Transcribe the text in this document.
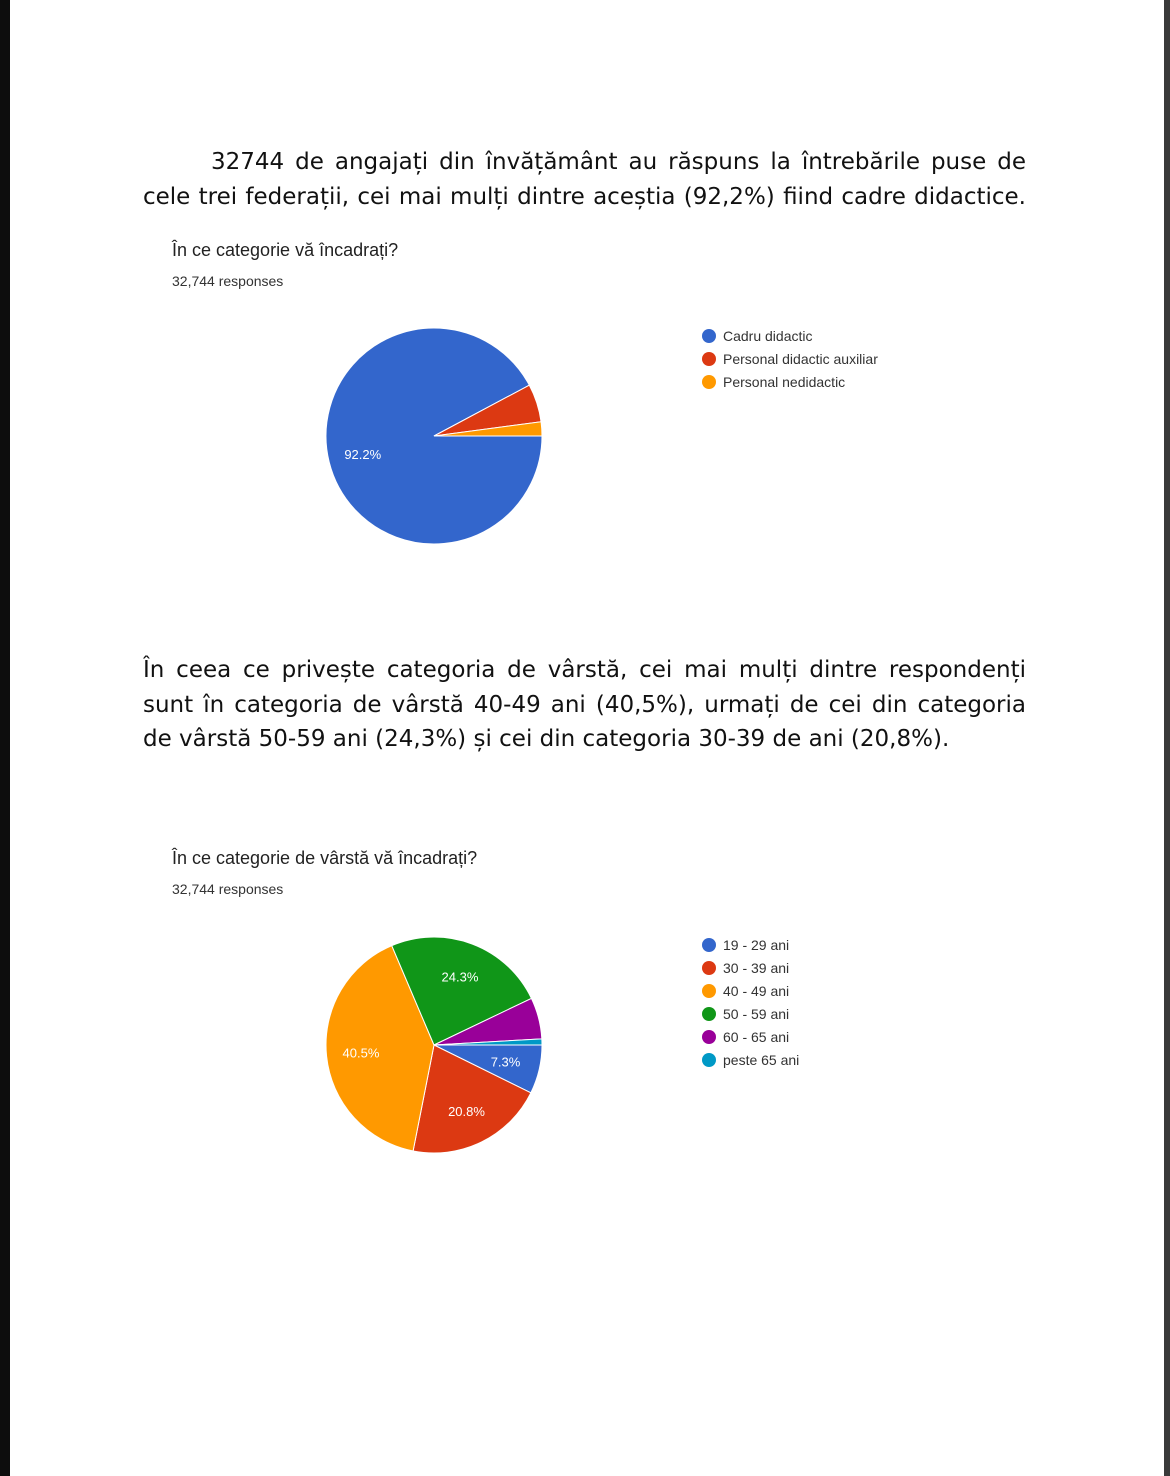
32744 de angajați din învățământ au răspuns la întrebările puse de cele trei federații, cei mai mulți dintre aceștia (92,2%) fiind cadre didactice.

În ce categorie vă încadrați?
32,744 responses
92.2%
Cadru didactic
Personal didactic auxiliar
Personal nedidactic

În ceea ce privește categoria de vârstă, cei mai mulți dintre respondenți sunt în categoria de vârstă 40-49 ani (40,5%), urmați de cei din categoria de vârstă 50-59 ani (24,3%) și cei din categoria 30-39 de ani (20,8%).

În ce categorie de vârstă vă încadrați?
32,744 responses
7.3%
20.8%
40.5%
24.3%
19 - 29 ani
30 - 39 ani
40 - 49 ani
50 - 59 ani
60 - 65 ani
peste 65 ani
